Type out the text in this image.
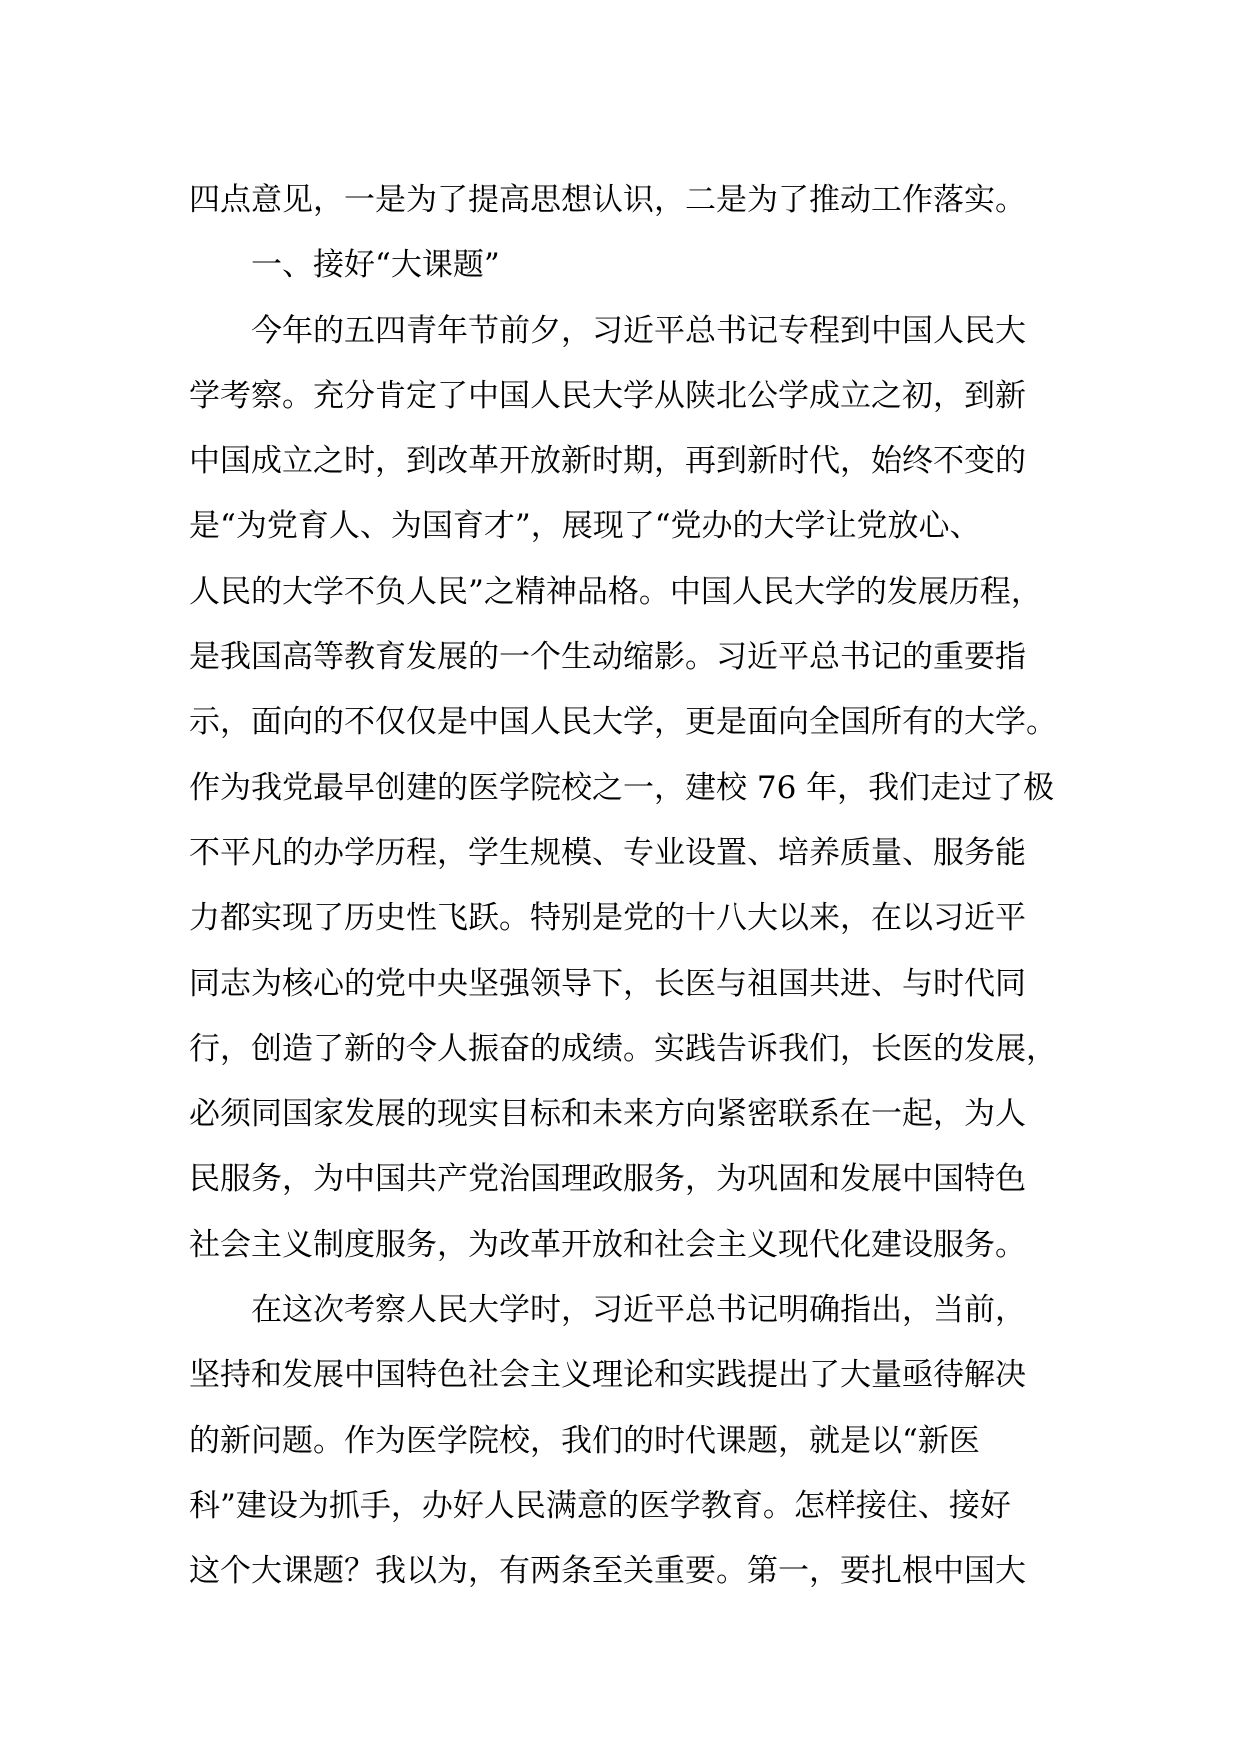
四点意见，一是为了提高思想认识，二是为了推动工作落实。
一、接好“大课题”
今年的五四青年节前夕，习近平总书记专程到中国人民大
学考察。充分肯定了中国人民大学从陕北公学成立之初，到新
中国成立之时，到改革开放新时期，再到新时代，始终不变的
是“为党育人、为国育才”，展现了“党办的大学让党放心、
人民的大学不负人民”之精神品格。中国人民大学的发展历程，
是我国高等教育发展的一个生动缩影。习近平总书记的重要指
示，面向的不仅仅是中国人民大学，更是面向全国所有的大学。
作为我党最早创建的医学院校之一，建校 76 年，我们走过了极
不平凡的办学历程，学生规模、专业设置、培养质量、服务能
力都实现了历史性飞跃。特别是党的十八大以来，在以习近平
同志为核心的党中央坚强领导下，长医与祖国共进、与时代同
行，创造了新的令人振奋的成绩。实践告诉我们，长医的发展，
必须同国家发展的现实目标和未来方向紧密联系在一起，为人
民服务，为中国共产党治国理政服务，为巩固和发展中国特色
社会主义制度服务，为改革开放和社会主义现代化建设服务。
在这次考察人民大学时，习近平总书记明确指出，当前，
坚持和发展中国特色社会主义理论和实践提出了大量亟待解决
的新问题。作为医学院校，我们的时代课题，就是以“新医
科”建设为抓手，办好人民满意的医学教育。怎样接住、接好
这个大课题？我以为，有两条至关重要。第一，要扎根中国大
